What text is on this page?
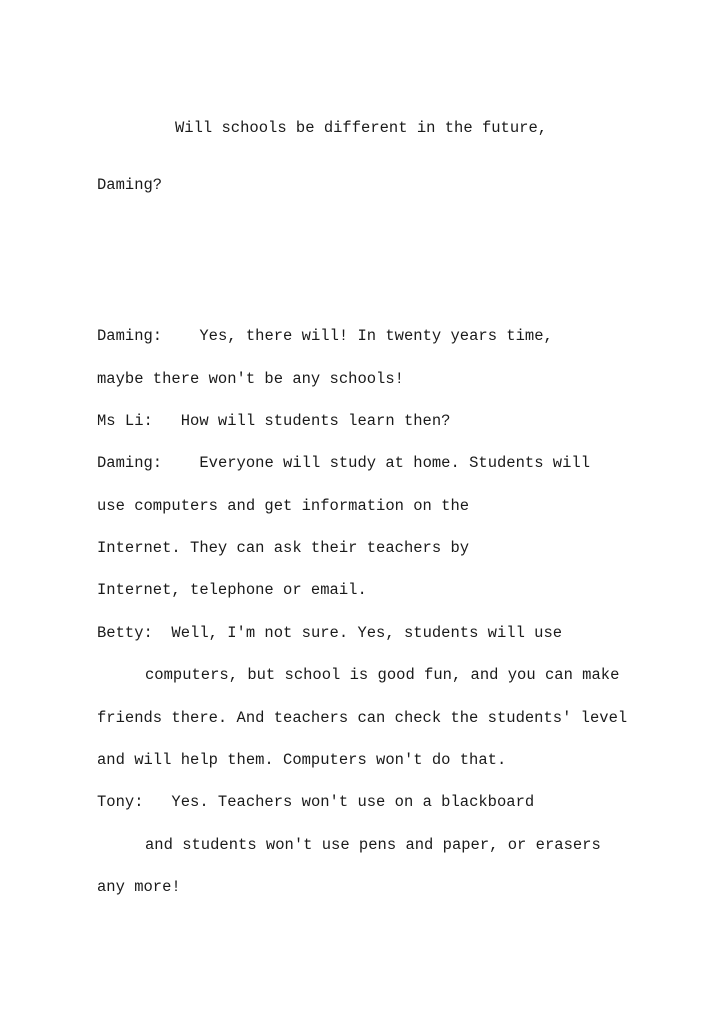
Will schools be different in the future,
Daming?
Daming: Yes, there will! In twenty years time,
maybe there won't be any schools!
Ms Li: How will students learn then?
Daming: Everyone will study at home. Students will
use computers and get information on the
Internet. They can ask their teachers by
Internet, telephone or email.
Betty: Well, I'm not sure. Yes, students will use
computers, but school is good fun, and you can make
friends there. And teachers can check the students' level
and will help them. Computers won't do that.
Tony: Yes. Teachers won't use on a blackboard
and students won't use pens and paper, or erasers
any more!
